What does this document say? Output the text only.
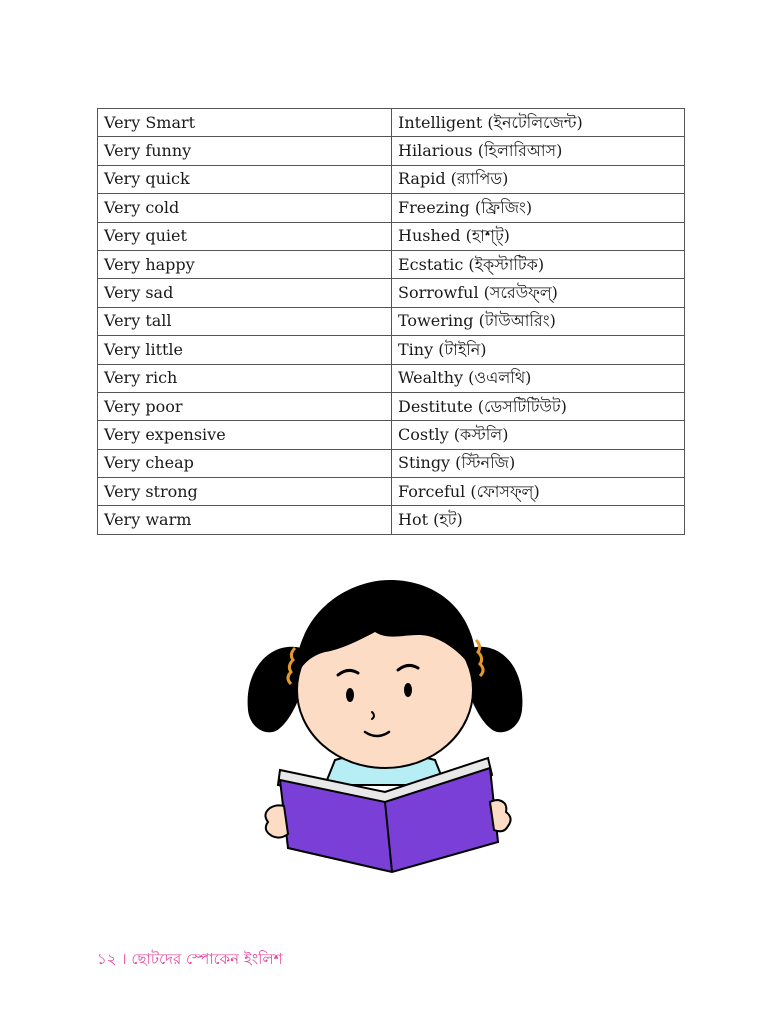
Very Smart	Intelligent (ইনটেলিজেন্ট)
Very funny	Hilarious (হিলারিআস)
Very quick	Rapid (র‍্যাপিড)
Very cold	Freezing (ফ্রিজিং)
Very quiet	Hushed (হাশ্‌ট্‌)
Very happy	Ecstatic (ইক্‌স্টাটিক)
Very sad	Sorrowful (সরেউফ্‌ল্‌)
Very tall	Towering (টাউআরিং)
Very little	Tiny (টাইনি)
Very rich	Wealthy (ওএলথি)
Very poor	Destitute (ডেসটিটিউট)
Very expensive	Costly (কস্টলি)
Very cheap	Stingy (স্টিনজি)
Very strong	Forceful (ফোসফ্‌ল্‌)
Very warm	Hot (হট)
১২ । ছোটদের স্পোকেন ইংলিশ
